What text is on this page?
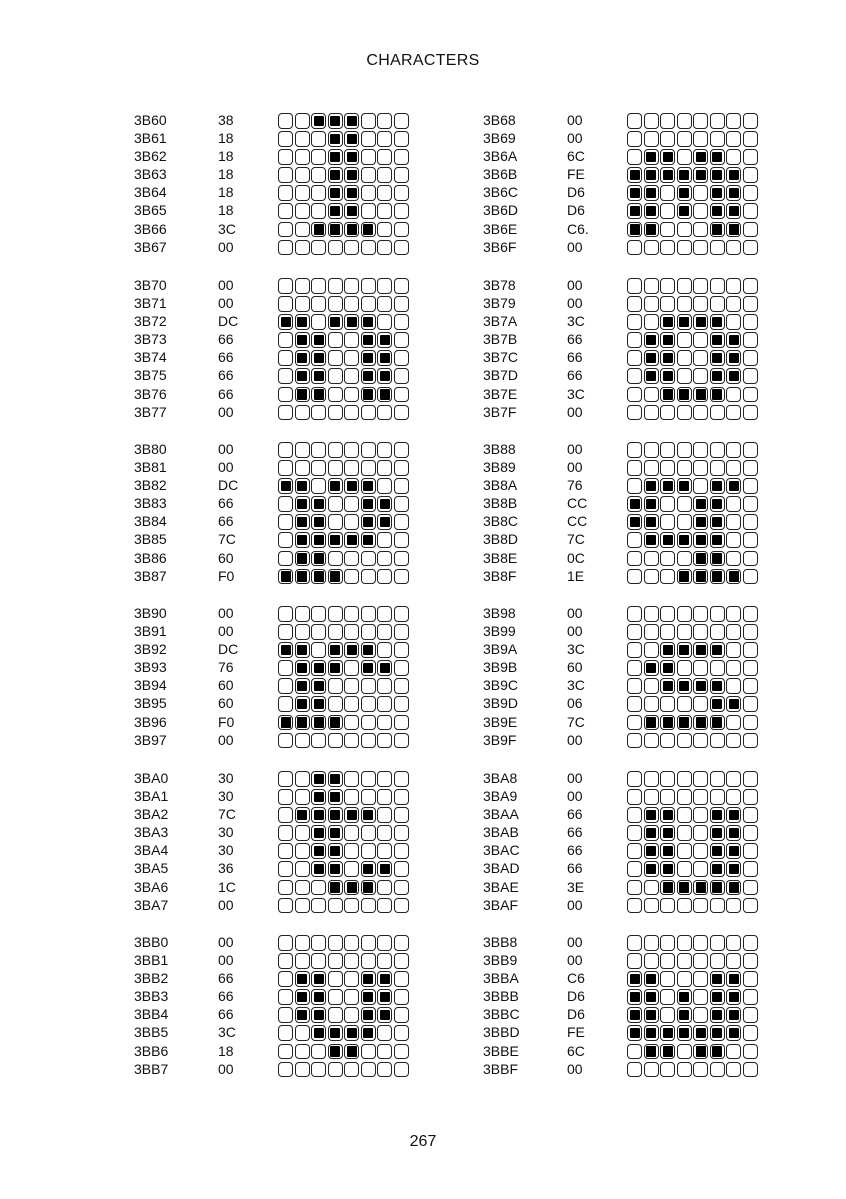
CHARACTERS
3B60
3B61
3B62
3B63
3B64
3B65
3B66
3B67
38
18
18
18
18
18
3C
00
3B68
3B69
3B6A
3B6B
3B6C
3B6D
3B6E
3B6F
00
00
6C
FE
D6
D6
C6.
00
3B70
3B71
3B72
3B73
3B74
3B75
3B76
3B77
00
00
DC
66
66
66
66
00
3B78
3B79
3B7A
3B7B
3B7C
3B7D
3B7E
3B7F
00
00
3C
66
66
66
3C
00
3B80
3B81
3B82
3B83
3B84
3B85
3B86
3B87
00
00
DC
66
66
7C
60
F0
3B88
3B89
3B8A
3B8B
3B8C
3B8D
3B8E
3B8F
00
00
76
CC
CC
7C
0C
1E
3B90
3B91
3B92
3B93
3B94
3B95
3B96
3B97
00
00
DC
76
60
60
F0
00
3B98
3B99
3B9A
3B9B
3B9C
3B9D
3B9E
3B9F
00
00
3C
60
3C
06
7C
00
3BA0
3BA1
3BA2
3BA3
3BA4
3BA5
3BA6
3BA7
30
30
7C
30
30
36
1C
00
3BA8
3BA9
3BAA
3BAB
3BAC
3BAD
3BAE
3BAF
00
00
66
66
66
66
3E
00
3BB0
3BB1
3BB2
3BB3
3BB4
3BB5
3BB6
3BB7
00
00
66
66
66
3C
18
00
3BB8
3BB9
3BBA
3BBB
3BBC
3BBD
3BBE
3BBF
00
00
C6
D6
D6
FE
6C
00
267
